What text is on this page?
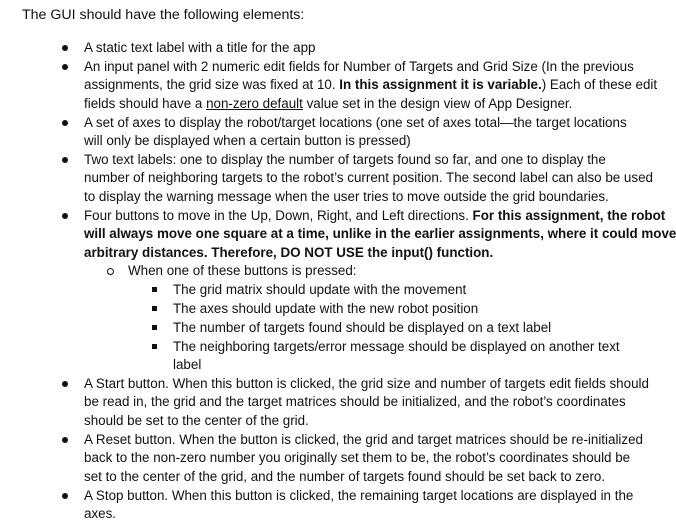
The GUI should have the following elements:
A static text label with a title for the app
An input panel with 2 numeric edit fields for Number of Targets and Grid Size (In the previous
assignments, the grid size was fixed at 10. In this assignment it is variable.) Each of these edit
fields should have a non-zero default value set in the design view of App Designer.
A set of axes to display the robot/target locations (one set of axes total—the target locations
will only be displayed when a certain button is pressed)
Two text labels: one to display the number of targets found so far, and one to display the
number of neighboring targets to the robot’s current position. The second label can also be used
to display the warning message when the user tries to move outside the grid boundaries.
Four buttons to move in the Up, Down, Right, and Left directions. For this assignment, the robot
will always move one square at a time, unlike in the earlier assignments, where it could move
arbitrary distances. Therefore, DO NOT USE the input() function.
When one of these buttons is pressed:
The grid matrix should update with the movement
The axes should update with the new robot position
The number of targets found should be displayed on a text label
The neighboring targets/error message should be displayed on another text
label
A Start button. When this button is clicked, the grid size and number of targets edit fields should
be read in, the grid and the target matrices should be initialized, and the robot’s coordinates
should be set to the center of the grid.
A Reset button. When the button is clicked, the grid and target matrices should be re-initialized
back to the non-zero number you originally set them to be, the robot’s coordinates should be
set to the center of the grid, and the number of targets found should be set back to zero.
A Stop button. When this button is clicked, the remaining target locations are displayed in the
axes.
